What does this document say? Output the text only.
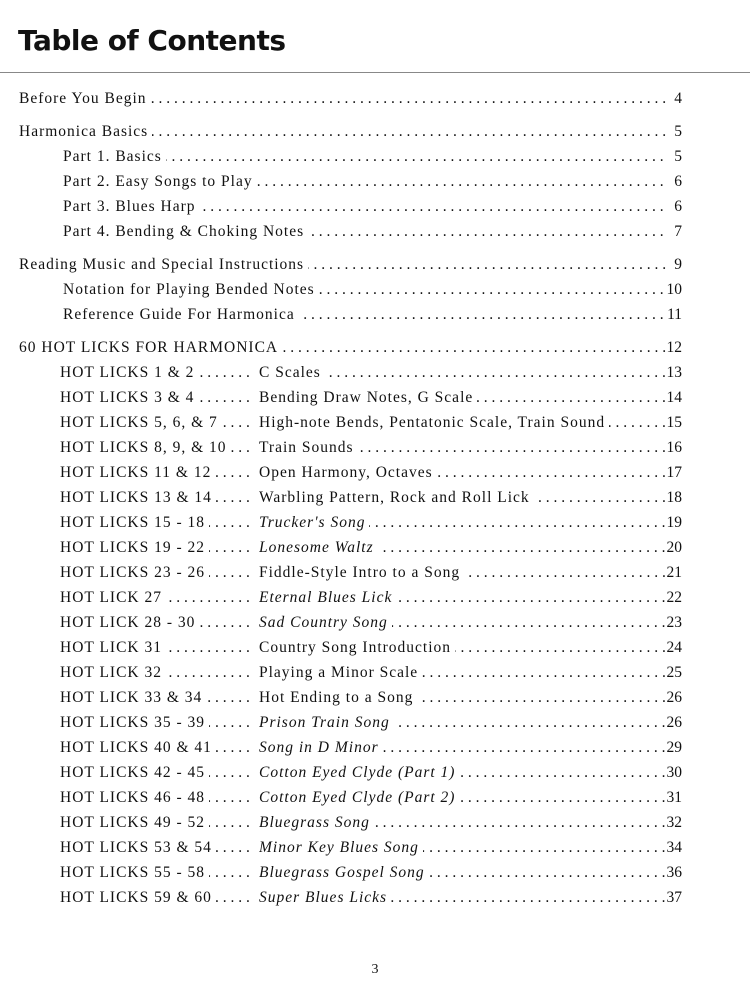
Table of Contents
Before You Begin . . .	4
Harmonica Basics . . .	5
Part 1. Basics . . .	5
Part 2. Easy Songs to Play . . .	6
Part 3. Blues Harp . . .	6
Part 4. Bending & Choking Notes . . .	7
Reading Music and Special Instructions . . .	9
Notation for Playing Bended Notes . . .	10
Reference Guide For Harmonica . . .	11
60 HOT LICKS FOR HARMONICA . . .	12
HOT LICKS 1 & 2 . . .	C Scales . . .	13
HOT LICKS 3 & 4 . . .	Bending Draw Notes, G Scale . . .	14
HOT LICKS 5, 6, & 7 . . .	High-note Bends, Pentatonic Scale, Train Sound . . .	15
HOT LICKS 8, 9, & 10 . . .	Train Sounds . . .	16
HOT LICKS 11 & 12 . . .	Open Harmony, Octaves . . .	17
HOT LICKS 13 & 14 . . .	Warbling Pattern, Rock and Roll Lick . . .	18
HOT LICKS 15 - 18 . . .	Trucker's Song . . .	19
HOT LICKS 19 - 22 . . .	Lonesome Waltz . . .	20
HOT LICKS 23 - 26 . . .	Fiddle-Style Intro to a Song . . .	21
HOT LICK 27 . . .	Eternal Blues Lick . . .	22
HOT LICK 28 - 30 . . .	Sad Country Song . . .	23
HOT LICK 31 . . .	Country Song Introduction . . .	24
HOT LICK 32 . . .	Playing a Minor Scale . . .	25
HOT LICK 33 & 34 . . .	Hot Ending to a Song . . .	26
HOT LICKS 35 - 39 . . .	Prison Train Song . . .	26
HOT LICKS 40 & 41 . . .	Song in D Minor . . .	29
HOT LICKS 42 - 45 . . .	Cotton Eyed Clyde (Part 1) . . .	30
HOT LICKS 46 - 48 . . .	Cotton Eyed Clyde (Part 2) . . .	31
HOT LICKS 49 - 52 . . .	Bluegrass Song . . .	32
HOT LICKS 53 & 54 . . .	Minor Key Blues Song . . .	34
HOT LICKS 55 - 58 . . .	Bluegrass Gospel Song . . .	36
HOT LICKS 59 & 60 . . .	Super Blues Licks . . .	37
3
